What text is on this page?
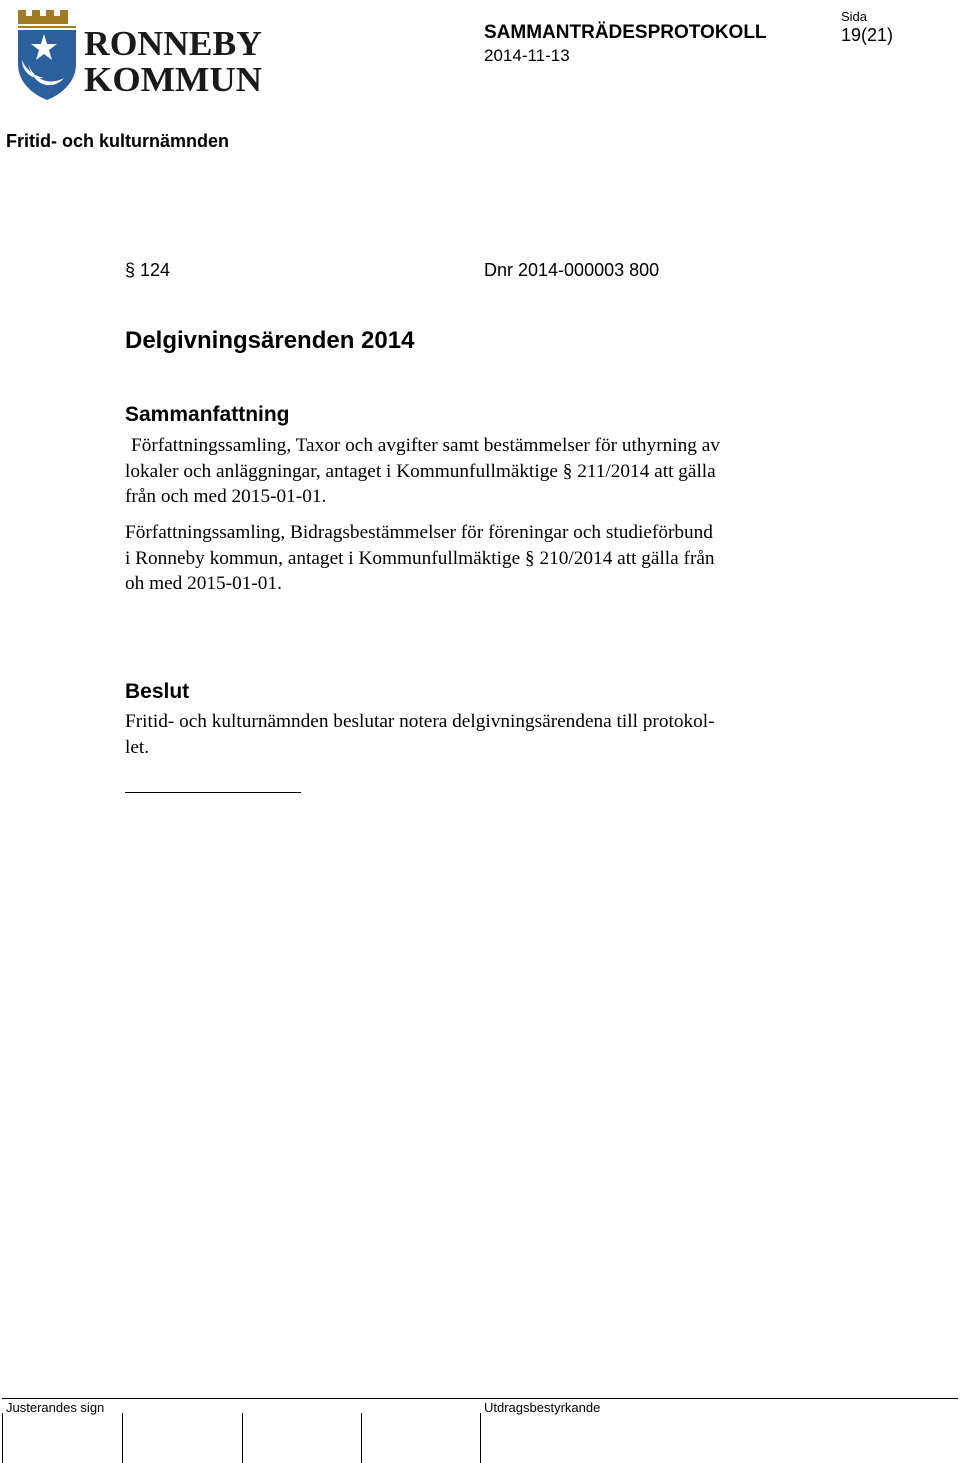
RONNEBY
KOMMUN
SAMMANTRÄDESPROTOKOLL
2014-11-13
Sida
19(21)
Fritid- och kulturnämnden
§ 124	Dnr 2014-000003 800
Delgivningsärenden 2014
Sammanfattning
Författningssamling, Taxor och avgifter samt bestämmelser för uthyrning av
lokaler och anläggningar, antaget i Kommunfullmäktige § 211/2014 att gälla
från och med 2015-01-01.
Författningssamling, Bidragsbestämmelser för föreningar och studieförbund
i Ronneby kommun, antaget i Kommunfullmäktige § 210/2014 att gälla från
oh med 2015-01-01.
Beslut
Fritid- och kulturnämnden beslutar notera delgivningsärendena till protokol-
let.
Justerandes sign	Utdragsbestyrkande
